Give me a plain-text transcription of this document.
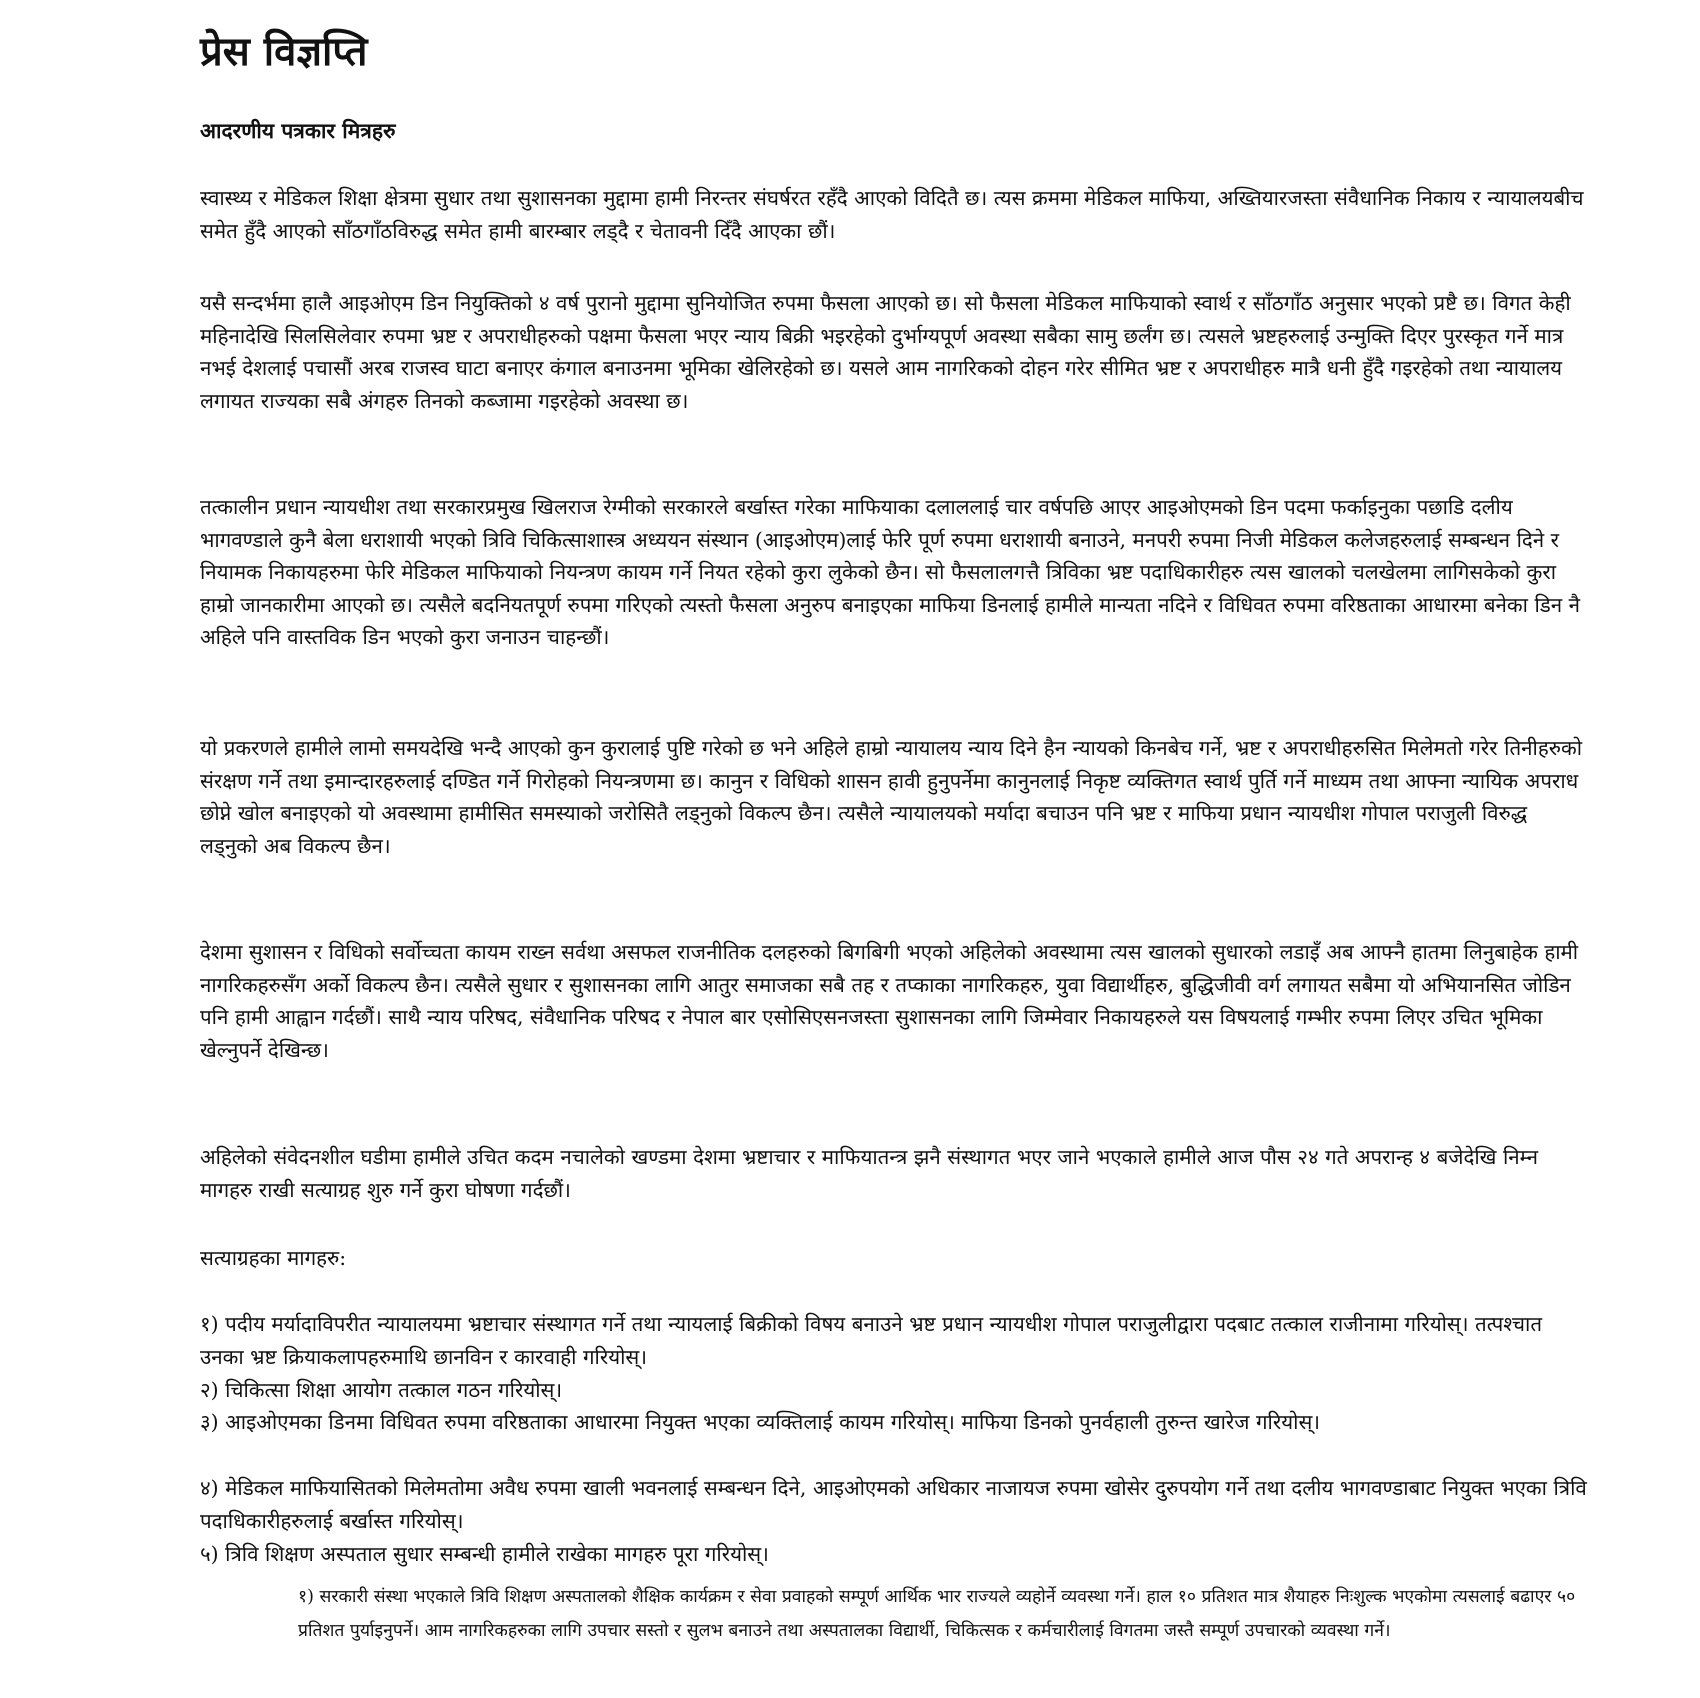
प्रेस विज्ञप्ति

आदरणीय पत्रकार मित्रहरु

स्वास्थ्य र मेडिकल शिक्षा क्षेत्रमा सुधार तथा सुशासनका मुद्दामा हामी निरन्तर संघर्षरत रहँदै आएको विदितै छ। त्यस क्रममा मेडिकल माफिया, अख्तियारजस्ता संवैधानिक निकाय र न्यायालयबीच समेत हुँदै आएको साँठगाँठविरुद्ध समेत हामी बारम्बार लड्दै र चेतावनी दिँदै आएका छौं।

यसै सन्दर्भमा हालै आइओएम डिन नियुक्तिको ४ वर्ष पुरानो मुद्दामा सुनियोजित रुपमा फैसला आएको छ। सो फैसला मेडिकल माफियाको स्वार्थ र साँठगाँठ अनुसार भएको प्रष्टै छ। विगत केही महिनादेखि सिलसिलेवार रुपमा भ्रष्ट र अपराधीहरुको पक्षमा फैसला भएर न्याय बिक्री भइरहेको दुर्भाग्यपूर्ण अवस्था सबैका सामु छर्लंग छ। त्यसले भ्रष्टहरुलाई उन्मुक्ति दिएर पुरस्कृत गर्ने मात्र नभई देशलाई पचासौं अरब राजस्व घाटा बनाएर कंगाल बनाउनमा भूमिका खेलिरहेको छ। यसले आम नागरिकको दोहन गरेर सीमित भ्रष्ट र अपराधीहरु मात्रै धनी हुँदै गइरहेको तथा न्यायालय लगायत राज्यका सबै अंगहरु तिनको कब्जामा गइरहेको अवस्था छ।

तत्कालीन प्रधान न्यायधीश तथा सरकारप्रमुख खिलराज रेग्मीको सरकारले बर्खास्त गरेका माफियाका दलाललाई चार वर्षपछि आएर आइओएमको डिन पदमा फर्काइनुका पछाडि दलीय भागवण्डाले कुनै बेला धराशायी भएको त्रिवि चिकित्साशास्त्र अध्ययन संस्थान (आइओएम)लाई फेरि पूर्ण रुपमा धराशायी बनाउने, मनपरी रुपमा निजी मेडिकल कलेजहरुलाई सम्बन्धन दिने र नियामक निकायहरुमा फेरि मेडिकल माफियाको नियन्त्रण कायम गर्ने नियत रहेको कुरा लुकेको छैन। सो फैसलालगत्तै त्रिविका भ्रष्ट पदाधिकारीहरु त्यस खालको चलखेलमा लागिसकेको कुरा हाम्रो जानकारीमा आएको छ। त्यसैले बदनियतपूर्ण रुपमा गरिएको त्यस्तो फैसला अनुरुप बनाइएका माफिया डिनलाई हामीले मान्यता नदिने र विधिवत रुपमा वरिष्ठताका आधारमा बनेका डिन नै अहिले पनि वास्तविक डिन भएको कुरा जनाउन चाहन्छौं।

यो प्रकरणले हामीले लामो समयदेखि भन्दै आएको कुन कुरालाई पुष्टि गरेको छ भने अहिले हाम्रो न्यायालय न्याय दिने हैन न्यायको किनबेच गर्ने, भ्रष्ट र अपराधीहरुसित मिलेमतो गरेर तिनीहरुको संरक्षण गर्ने तथा इमान्दारहरुलाई दण्डित गर्ने गिरोहको नियन्त्रणमा छ। कानुन र विधिको शासन हावी हुनुपर्नेमा कानुनलाई निकृष्ट व्यक्तिगत स्वार्थ पुर्ति गर्ने माध्यम तथा आफ्ना न्यायिक अपराध छोप्ने खोल बनाइएको यो अवस्थामा हामीसित समस्याको जरोसितै लड्नुको विकल्प छैन। त्यसैले न्यायालयको मर्यादा बचाउन पनि भ्रष्ट र माफिया प्रधान न्यायधीश गोपाल पराजुली विरुद्ध लड्नुको अब विकल्प छैन।

देशमा सुशासन र विधिको सर्वोच्चता कायम राख्न सर्वथा असफल राजनीतिक दलहरुको बिगबिगी भएको अहिलेको अवस्थामा त्यस खालको सुधारको लडाइँ अब आफ्नै हातमा लिनुबाहेक हामी नागरिकहरुसँग अर्को विकल्प छैन। त्यसैले सुधार र सुशासनका लागि आतुर समाजका सबै तह र तप्काका नागरिकहरु, युवा विद्यार्थीहरु, बुद्धिजीवी वर्ग लगायत सबैमा यो अभियानसित जोडिन पनि हामी आह्वान गर्दछौं। साथै न्याय परिषद, संवैधानिक परिषद र नेपाल बार एसोसिएसनजस्ता सुशासनका लागि जिम्मेवार निकायहरुले यस विषयलाई गम्भीर रुपमा लिएर उचित भूमिका खेल्नुपर्ने देखिन्छ।

अहिलेको संवेदनशील घडीमा हामीले उचित कदम नचालेको खण्डमा देशमा भ्रष्टाचार र माफियातन्त्र झनै संस्थागत भएर जाने भएकाले हामीले आज पौस २४ गते अपरान्ह ४ बजेदेखि निम्न मागहरु राखी सत्याग्रह शुरु गर्ने कुरा घोषणा गर्दछौं।

सत्याग्रहका मागहरु:

१) पदीय मर्यादाविपरीत न्यायालयमा भ्रष्टाचार संस्थागत गर्ने तथा न्यायलाई बिक्रीको विषय बनाउने भ्रष्ट प्रधान न्यायधीश गोपाल पराजुलीद्वारा पदबाट तत्काल राजीनामा गरियोस्। तत्पश्चात उनका भ्रष्ट क्रियाकलापहरुमाथि छानविन र कारवाही गरियोस्।

२) चिकित्सा शिक्षा आयोग तत्काल गठन गरियोस्।

३) आइओएमका डिनमा विधिवत रुपमा वरिष्ठताका आधारमा नियुक्त भएका व्यक्तिलाई कायम गरियोस्। माफिया डिनको पुनर्वहाली तुरुन्त खारेज गरियोस्।

४) मेडिकल माफियासितको मिलेमतोमा अवैध रुपमा खाली भवनलाई सम्बन्धन दिने, आइओएमको अधिकार नाजायज रुपमा खोसेर दुरुपयोग गर्ने तथा दलीय भागवण्डाबाट नियुक्त भएका त्रिवि पदाधिकारीहरुलाई बर्खास्त गरियोस्।

५) त्रिवि शिक्षण अस्पताल सुधार सम्बन्धी हामीले राखेका मागहरु पूरा गरियोस्।

१) सरकारी संस्था भएकाले त्रिवि शिक्षण अस्पतालको शैक्षिक कार्यक्रम र सेवा प्रवाहको सम्पूर्ण आर्थिक भार राज्यले व्यहोर्ने व्यवस्था गर्ने। हाल १० प्रतिशत मात्र शैयाहरु निःशुल्क भएकोमा त्यसलाई बढाएर ५० प्रतिशत पुर्याइनुपर्ने। आम नागरिकहरुका लागि उपचार सस्तो र सुलभ बनाउने तथा अस्पतालका विद्यार्थी, चिकित्सक र कर्मचारीलाई विगतमा जस्तै सम्पूर्ण उपचारको व्यवस्था गर्ने।
